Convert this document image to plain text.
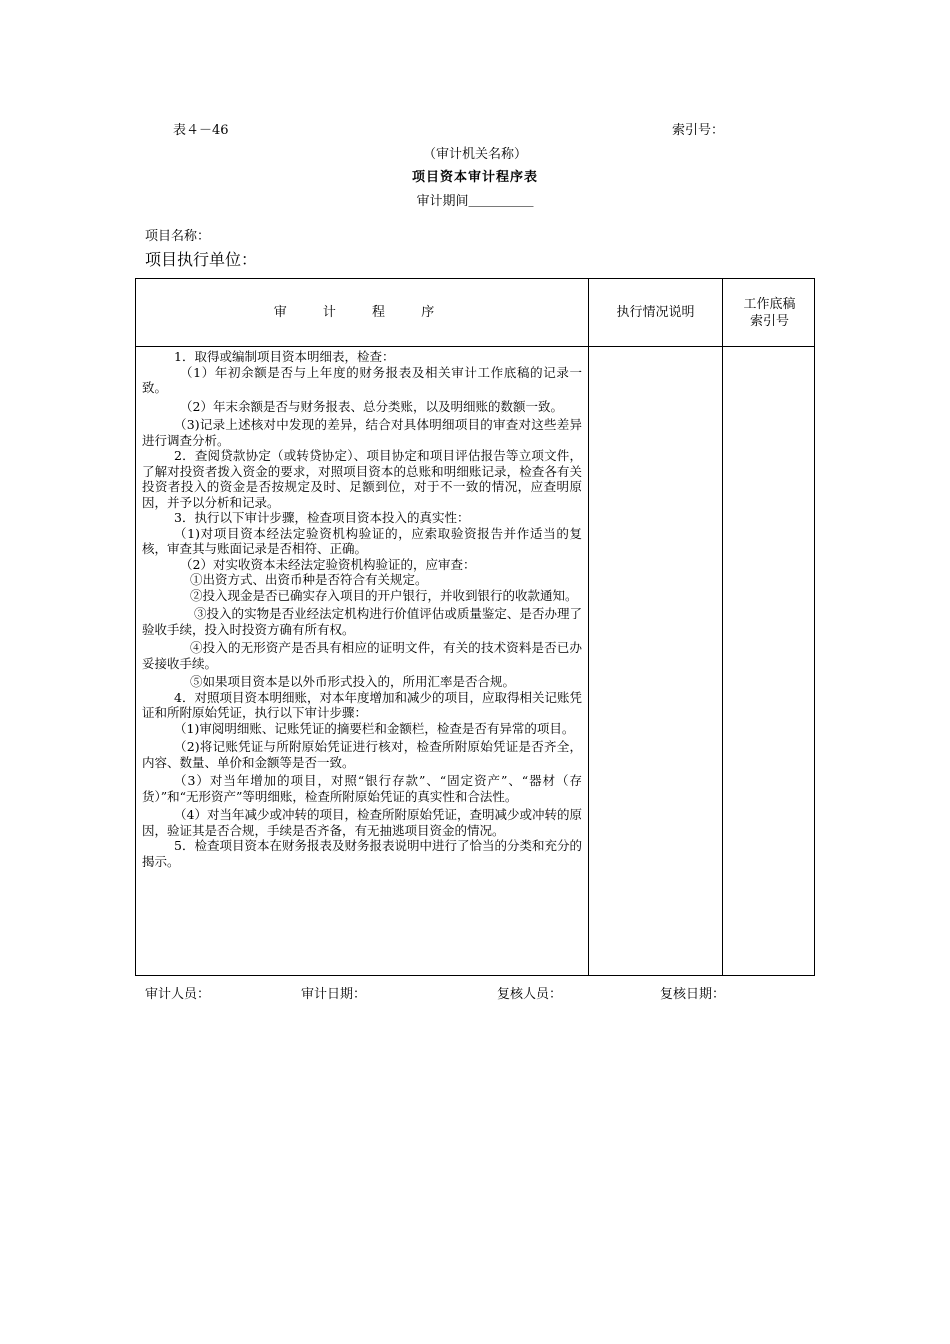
表４－46	索引号：
（审计机关名称）
项目资本审计程序表
审计期间＿＿＿＿＿
项目名称：
项目执行单位：
审 计 程 序	执行情况说明
工作底稿
索引号

1．取得或编制项目资本明细表，检查：

（1）年初余额是否与上年度的财务报表及相关审计工作底稿的记录一致。

（2）年末余额是否与财务报表、总分类账，以及明细账的数额一致。

（3)记录上述核对中发现的差异，结合对具体明细项目的审查对这些差异进行调查分析。

2．查阅贷款协定（或转贷协定）、项目协定和项目评估报告等立项文件，了解对投资者拨入资金的要求，对照项目资本的总账和明细账记录，检查各有关投资者投入的资金是否按规定及时、足额到位，对于不一致的情况，应查明原因，并予以分析和记录。

3．执行以下审计步骤，检查项目资本投入的真实性：

（1)对项目资本经法定验资机构验证的，应索取验资报告并作适当的复核，审查其与账面记录是否相符、正确。

（2）对实收资本未经法定验资机构验证的，应审查：

①出资方式、出资币种是否符合有关规定。

②投入现金是否已确实存入项目的开户银行，并收到银行的收款通知。

③投入的实物是否业经法定机构进行价值评估或质量鉴定、是否办理了验收手续，投入时投资方确有所有权。

④投入的无形资产是否具有相应的证明文件，有关的技术资料是否已办妥接收手续。

⑤如果项目资本是以外币形式投入的，所用汇率是否合规。

4．对照项目资本明细账，对本年度增加和减少的项目，应取得相关记账凭证和所附原始凭证，执行以下审计步骤：

（1)审阅明细账、记账凭证的摘要栏和金额栏，检查是否有异常的项目。

（2)将记账凭证与所附原始凭证进行核对，检查所附原始凭证是否齐全，内容、数量、单价和金额等是否一致。

（3）对当年增加的项目，对照“银行存款”、“固定资产”、“器材（存货）”和“无形资产”等明细账，检查所附原始凭证的真实性和合法性。

（4）对当年减少或冲转的项目，检查所附原始凭证，查明减少或冲转的原因，验证其是否合规，手续是否齐备，有无抽逃项目资金的情况。

5．检查项目资本在财务报表及财务报表说明中进行了恰当的分类和充分的揭示。

审计人员：	审计日期：	复核人员：	复核日期：
